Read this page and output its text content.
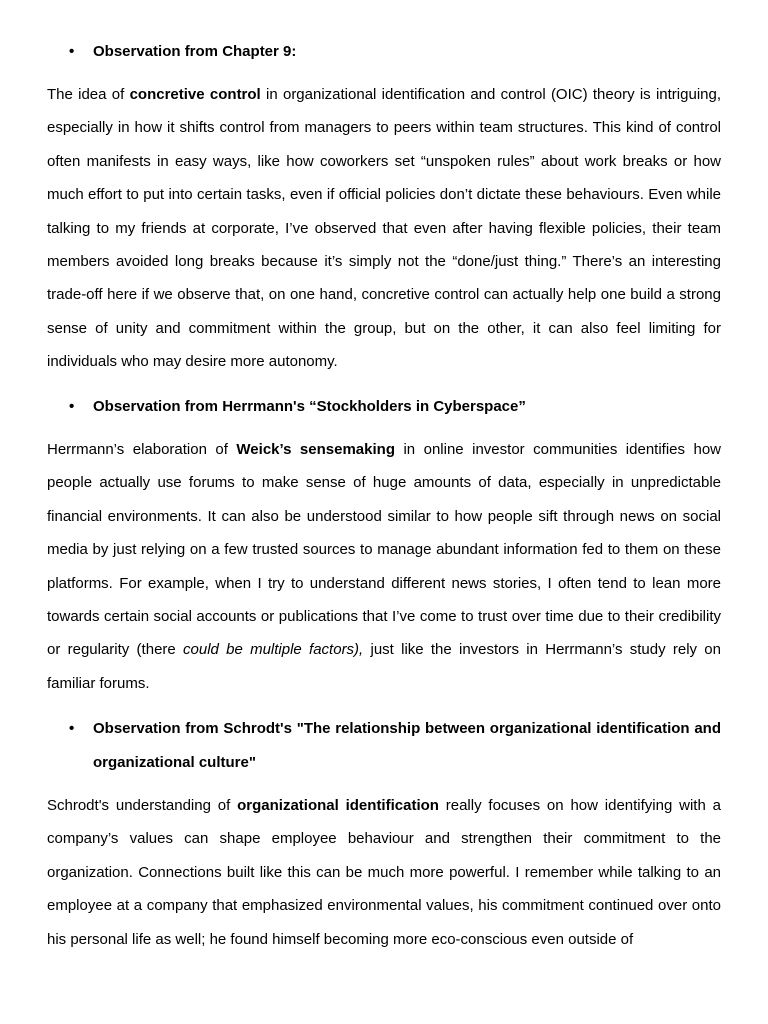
• Observation from Chapter 9:

The idea of concretive control in organizational identification and control (OIC) theory is intriguing, especially in how it shifts control from managers to peers within team structures. This kind of control often manifests in easy ways, like how coworkers set “unspoken rules” about work breaks or how much effort to put into certain tasks, even if official policies don’t dictate these behaviours. Even while talking to my friends at corporate, I’ve observed that even after having flexible policies, their team members avoided long breaks because it’s simply not the “done/just thing.” There’s an interesting trade-off here if we observe that, on one hand, concretive control can actually help one build a strong sense of unity and commitment within the group, but on the other, it can also feel limiting for individuals who may desire more autonomy.

• Observation from Herrmann's “Stockholders in Cyberspace”

Herrmann’s elaboration of Weick’s sensemaking in online investor communities identifies how people actually use forums to make sense of huge amounts of data, especially in unpredictable financial environments. It can also be understood similar to how people sift through news on social media by just relying on a few trusted sources to manage abundant information fed to them on these platforms. For example, when I try to understand different news stories, I often tend to lean more towards certain social accounts or publications that I’ve come to trust over time due to their credibility or regularity (there could be multiple factors), just like the investors in Herrmann’s study rely on familiar forums.

• Observation from Schrodt's "The relationship between organizational identification and organizational culture"

Schrodt's understanding of organizational identification really focuses on how identifying with a company’s values can shape employee behaviour and strengthen their commitment to the organization. Connections built like this can be much more powerful. I remember while talking to an employee at a company that emphasized environmental values, his commitment continued over onto his personal life as well; he found himself becoming more eco-conscious even outside of
